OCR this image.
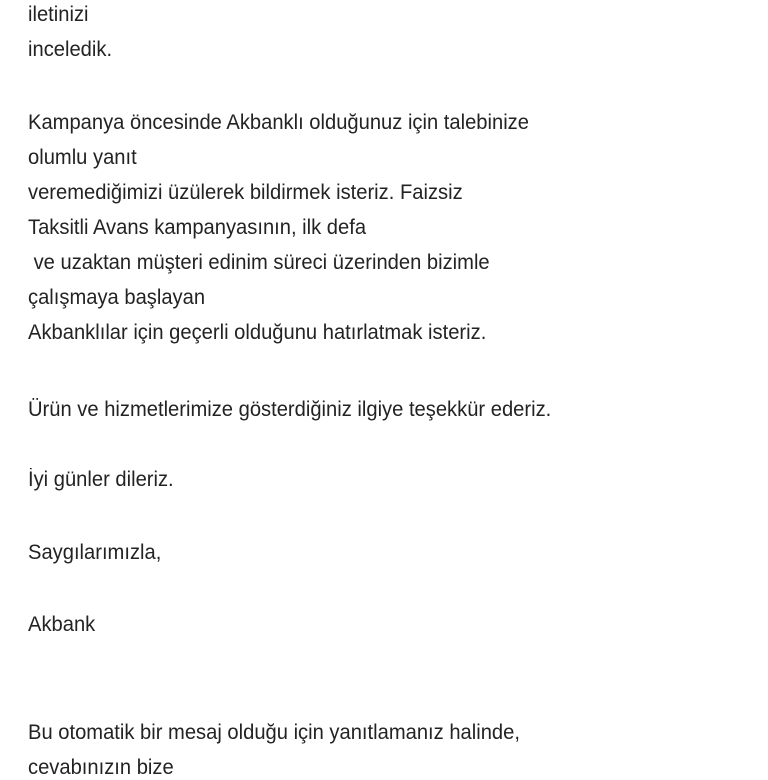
iletinizi
inceledik.
Kampanya öncesinde Akbanklı olduğunuz için talebinize
olumlu yanıt
veremediğimizi üzülerek bildirmek isteriz. Faizsiz
Taksitli Avans kampanyasının, ilk defa
ve uzaktan müşteri edinim süreci üzerinden bizimle
çalışmaya başlayan
Akbanklılar için geçerli olduğunu hatırlatmak isteriz.
Ürün ve hizmetlerimize gösterdiğiniz ilgiye teşekkür ederiz.
İyi günler dileriz.
Saygılarımızla,
Akbank
Bu otomatik bir mesaj olduğu için yanıtlamanız halinde,
cevabınızın bize
